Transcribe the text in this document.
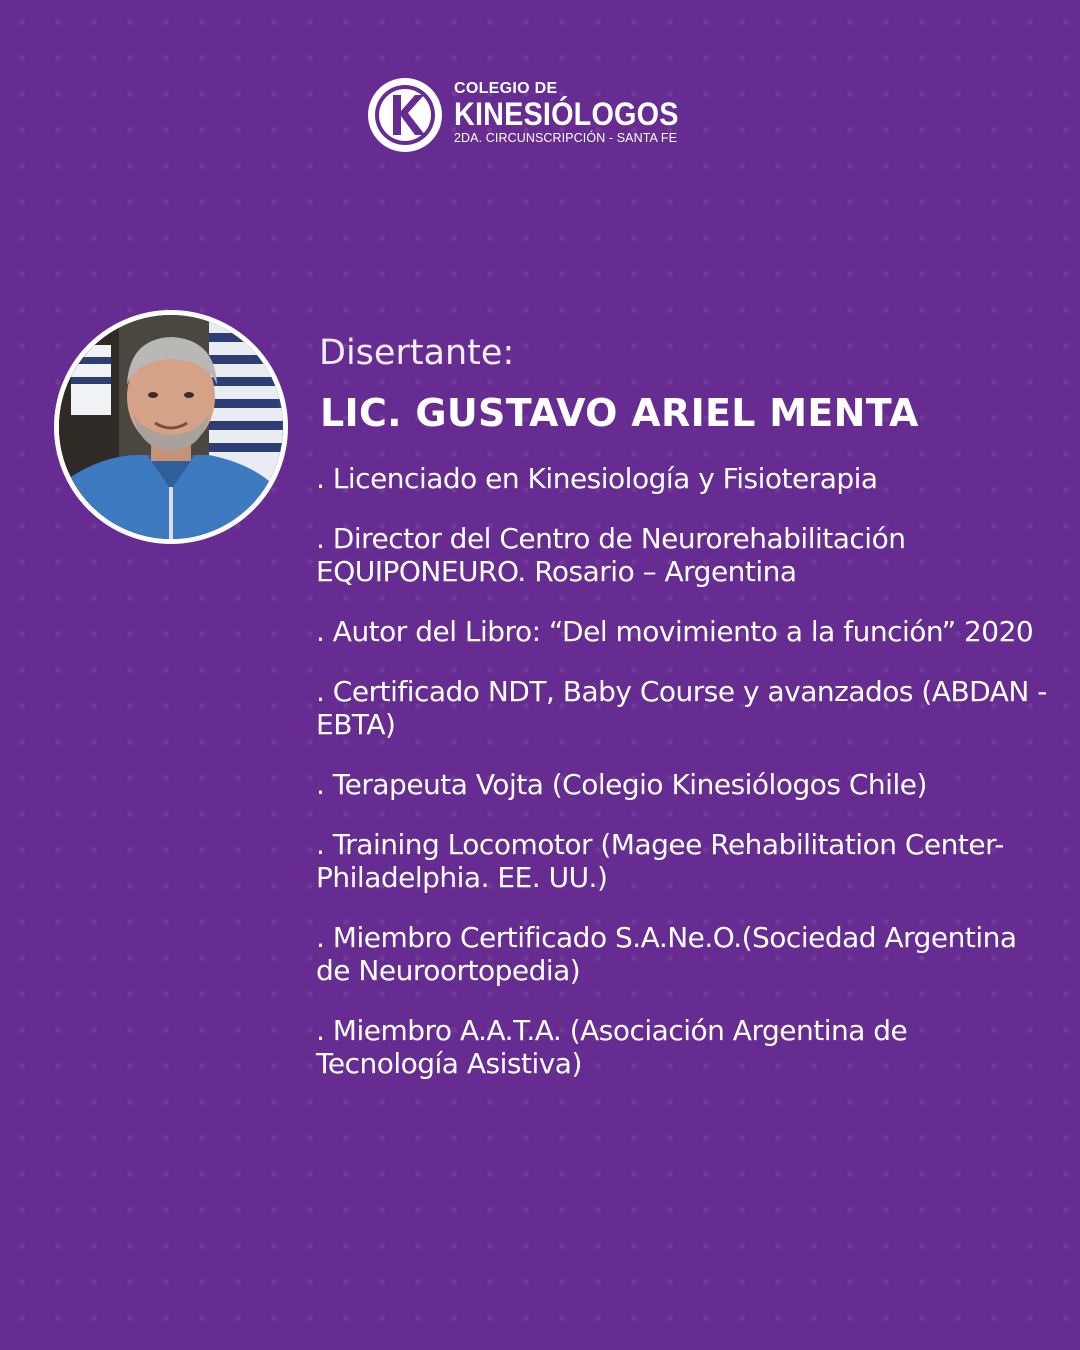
COLEGIO DE
KINESIÓLOGOS
2DA. CIRCUNSCRIPCIÓN - SANTA FE
Disertante:
LIC. GUSTAVO ARIEL MENTA
. Licenciado en Kinesiología y Fisioterapia
. Director del Centro de Neurorehabilitación EQUIPONEURO. Rosario – Argentina
. Autor del Libro: “Del movimiento a la función” 2020
. Certificado NDT, Baby Course y avanzados (ABDAN - EBTA)
. Terapeuta Vojta (Colegio Kinesiólogos Chile)
. Training Locomotor (Magee Rehabilitation Center- Philadelphia. EE. UU.)
. Miembro Certificado S.A.Ne.O.(Sociedad Argentina de Neuroortopedia)
. Miembro A.A.T.A. (Asociación Argentina de Tecnología Asistiva)
